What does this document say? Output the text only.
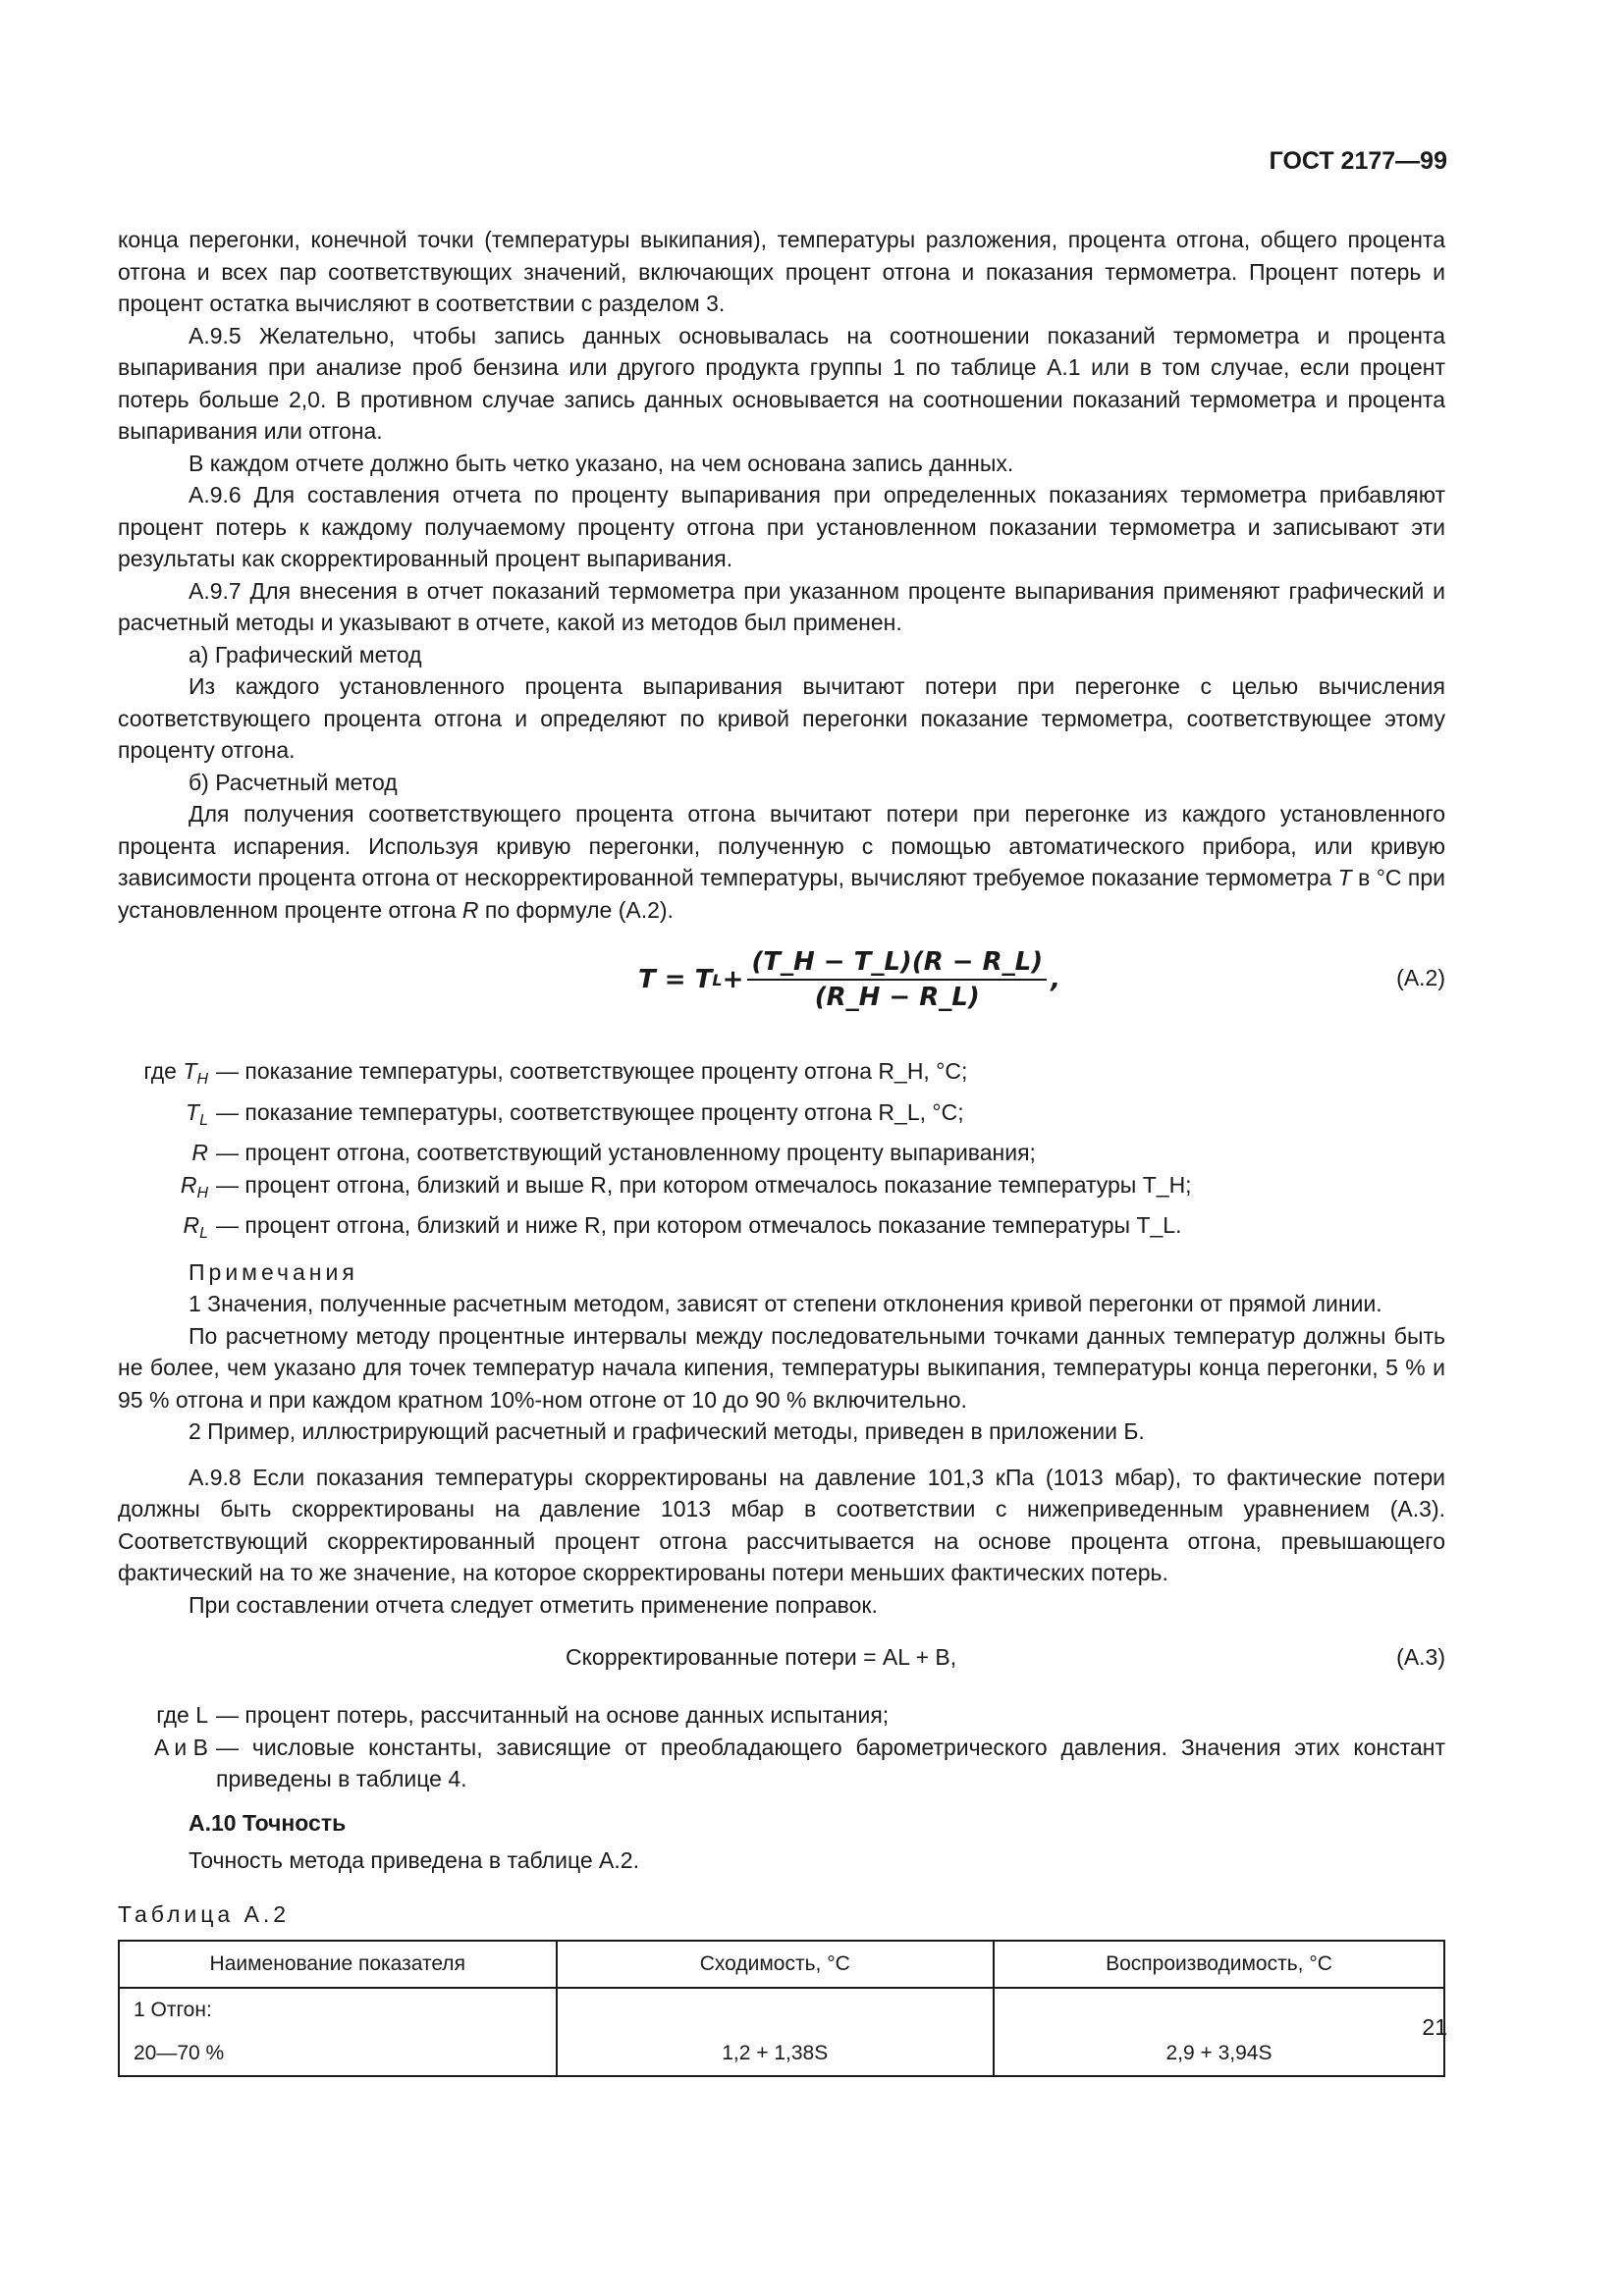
ГОСТ 2177—99

конца перегонки, конечной точки (температуры выкипания), температуры разложения, процента отгона, общего процента отгона и всех пар соответствующих значений, включающих процент отгона и показания термометра. Процент потерь и процент остатка вычисляют в соответствии с разделом 3.

А.9.5 Желательно, чтобы запись данных основывалась на соотношении показаний термометра и процента выпаривания при анализе проб бензина или другого продукта группы 1 по таблице А.1 или в том случае, если процент потерь больше 2,0. В противном случае запись данных основывается на соотношении показаний термометра и процента выпаривания или отгона.

В каждом отчете должно быть четко указано, на чем основана запись данных.

А.9.6 Для составления отчета по проценту выпаривания при определенных показаниях термометра прибавляют процент потерь к каждому получаемому проценту отгона при установленном показании термометра и записывают эти результаты как скорректированный процент выпаривания.

А.9.7 Для внесения в отчет показаний термометра при указанном проценте выпаривания применяют графический и расчетный методы и указывают в отчете, какой из методов был применен.

а) Графический метод

Из каждого установленного процента выпаривания вычитают потери при перегонке с целью вычисления соответствующего процента отгона и определяют по кривой перегонки показание термометра, соответствующее этому проценту отгона.

б) Расчетный метод

Для получения соответствующего процента отгона вычитают потери при перегонке из каждого установленного процента испарения. Используя кривую перегонки, полученную с помощью автоматического прибора, или кривую зависимости процента отгона от нескорректированной температуры, вычисляют требуемое показание термометра T в °С при установленном проценте отгона R по формуле (А.2).

T = T $L + \frac{(T\_H - T\_L)(R - R\_L)}{(R\_H - R\_L)}$ ,	(А.2)
где $T_H$ — показание температуры, соответствующее проценту отгона R_H, °С;
$T_L$ — показание температуры, соответствующее проценту отгона R_L, °С;
R — процент отгона, соответствующий установленному проценту выпаривания;
$R_H$ — процент отгона, близкий и выше R, при котором отмечалось показание температуры T_H;
$R_L$ — процент отгона, близкий и ниже R, при котором отмечалось показание температуры T_L.

Примечания

1 Значения, полученные расчетным методом, зависят от степени отклонения кривой перегонки от прямой линии.

По расчетному методу процентные интервалы между последовательными точками данных температур должны быть не более, чем указано для точек температур начала кипения, температуры выкипания, температуры конца перегонки, 5 % и 95 % отгона и при каждом кратном 10%-ном отгоне от 10 до 90 % включительно.

2 Пример, иллюстрирующий расчетный и графический методы, приведен в приложении Б.

А.9.8 Если показания температуры скорректированы на давление 101,3 кПа (1013 мбар), то фактические потери должны быть скорректированы на давление 1013 мбар в соответствии с нижеприведенным уравнением (А.3). Соответствующий скорректированный процент отгона рассчитывается на основе процента отгона, превышающего фактический на то же значение, на которое скорректированы потери меньших фактических потерь.

При составлении отчета следует отметить применение поправок.

Скорректированные потери = AL + B,	(А.3)
где L — процент потерь, рассчитанный на основе данных испытания;
A и B — числовые константы, зависящие от преобладающего барометрического давления. Значения этих констант приведены в таблице 4.

А.10 Точность

Точность метода приведена в таблице А.2.

Таблица А.2

Наименование показателя	Сходимость, °С	Воспроизводимость, °С

1 Отгон:
20—70 %	1,2 + 1,38S	2,9 + 3,94S
21
